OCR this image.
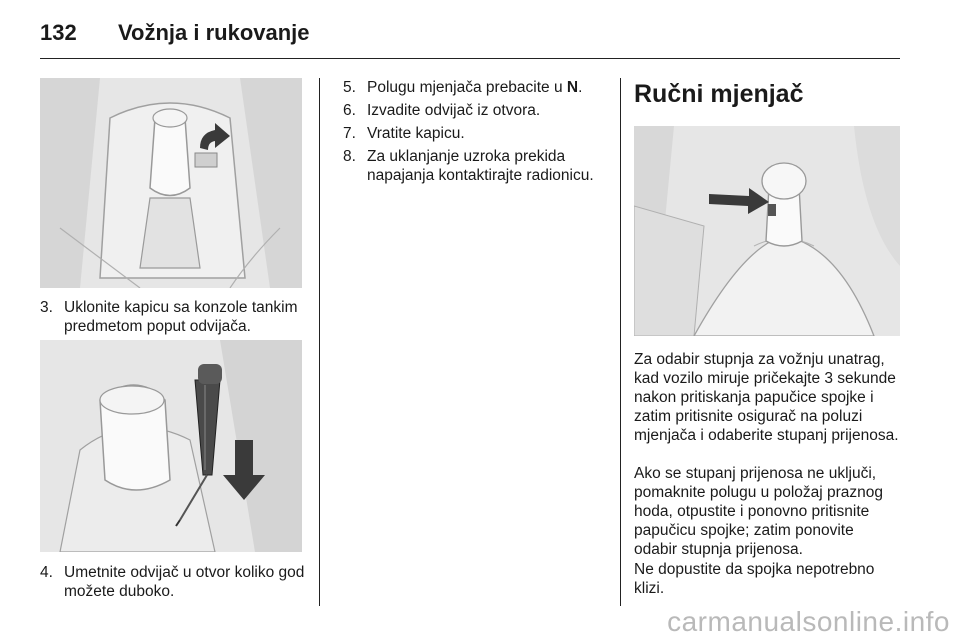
132 Vožnja i rukovanje
3. Uklonite kapicu sa konzole tankim predmetom poput odvijača.
4. Umetnite odvijač u otvor koliko god možete duboko.
5. Polugu mjenjača prebacite u N.
6. Izvadite odvijač iz otvora.
7. Vratite kapicu.
8. Za uklanjanje uzroka prekida napajanja kontaktirajte radionicu.
Ručni mjenjač
Za odabir stupnja za vožnju unatrag, kad vozilo miruje pričekajte 3 sekunde nakon pritiskanja papučice spojke i zatim pritisnite osigurač na poluzi mjenjača i odaberite stupanj prijenosa.
Ako se stupanj prijenosa ne uključi, pomaknite polugu u položaj praznog hoda, otpustite i ponovno pritisnite papučicu spojke; zatim ponovite odabir stupnja prijenosa.
Ne dopustite da spojka nepotrebno klizi.
carmanualsonline.info
